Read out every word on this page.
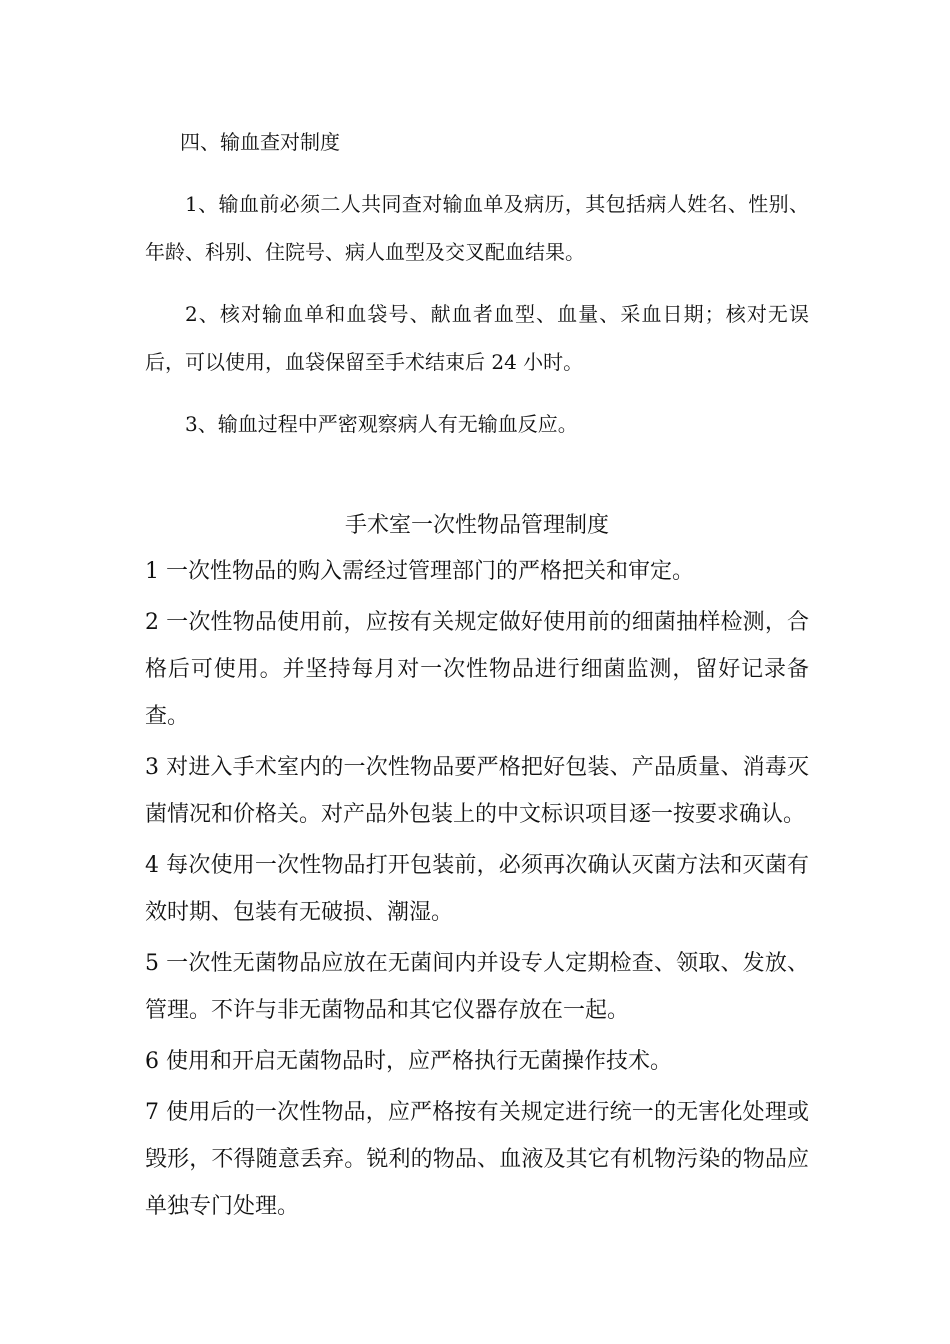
四、输血查对制度

1、输血前必须二人共同查对输血单及病历，其包括病人姓名、性别、年龄、科别、住院号、病人血型及交叉配血结果。

2、核对输血单和血袋号、献血者血型、血量、采血日期；核对无误后，可以使用，血袋保留至手术结束后 24 小时。

3、输血过程中严密观察病人有无输血反应。

手术室一次性物品管理制度

1 一次性物品的购入需经过管理部门的严格把关和审定。

2 一次性物品使用前，应按有关规定做好使用前的细菌抽样检测，合格后可使用。并坚持每月对一次性物品进行细菌监测，留好记录备查。

3 对进入手术室内的一次性物品要严格把好包装、产品质量、消毒灭菌情况和价格关。对产品外包装上的中文标识项目逐一按要求确认。

4 每次使用一次性物品打开包装前，必须再次确认灭菌方法和灭菌有效时期、包装有无破损、潮湿。

5 一次性无菌物品应放在无菌间内并设专人定期检查、领取、发放、管理。不许与非无菌物品和其它仪器存放在一起。

6 使用和开启无菌物品时，应严格执行无菌操作技术。

7 使用后的一次性物品，应严格按有关规定进行统一的无害化处理或毁形，不得随意丢弃。锐利的物品、血液及其它有机物污染的物品应单独专门处理。
